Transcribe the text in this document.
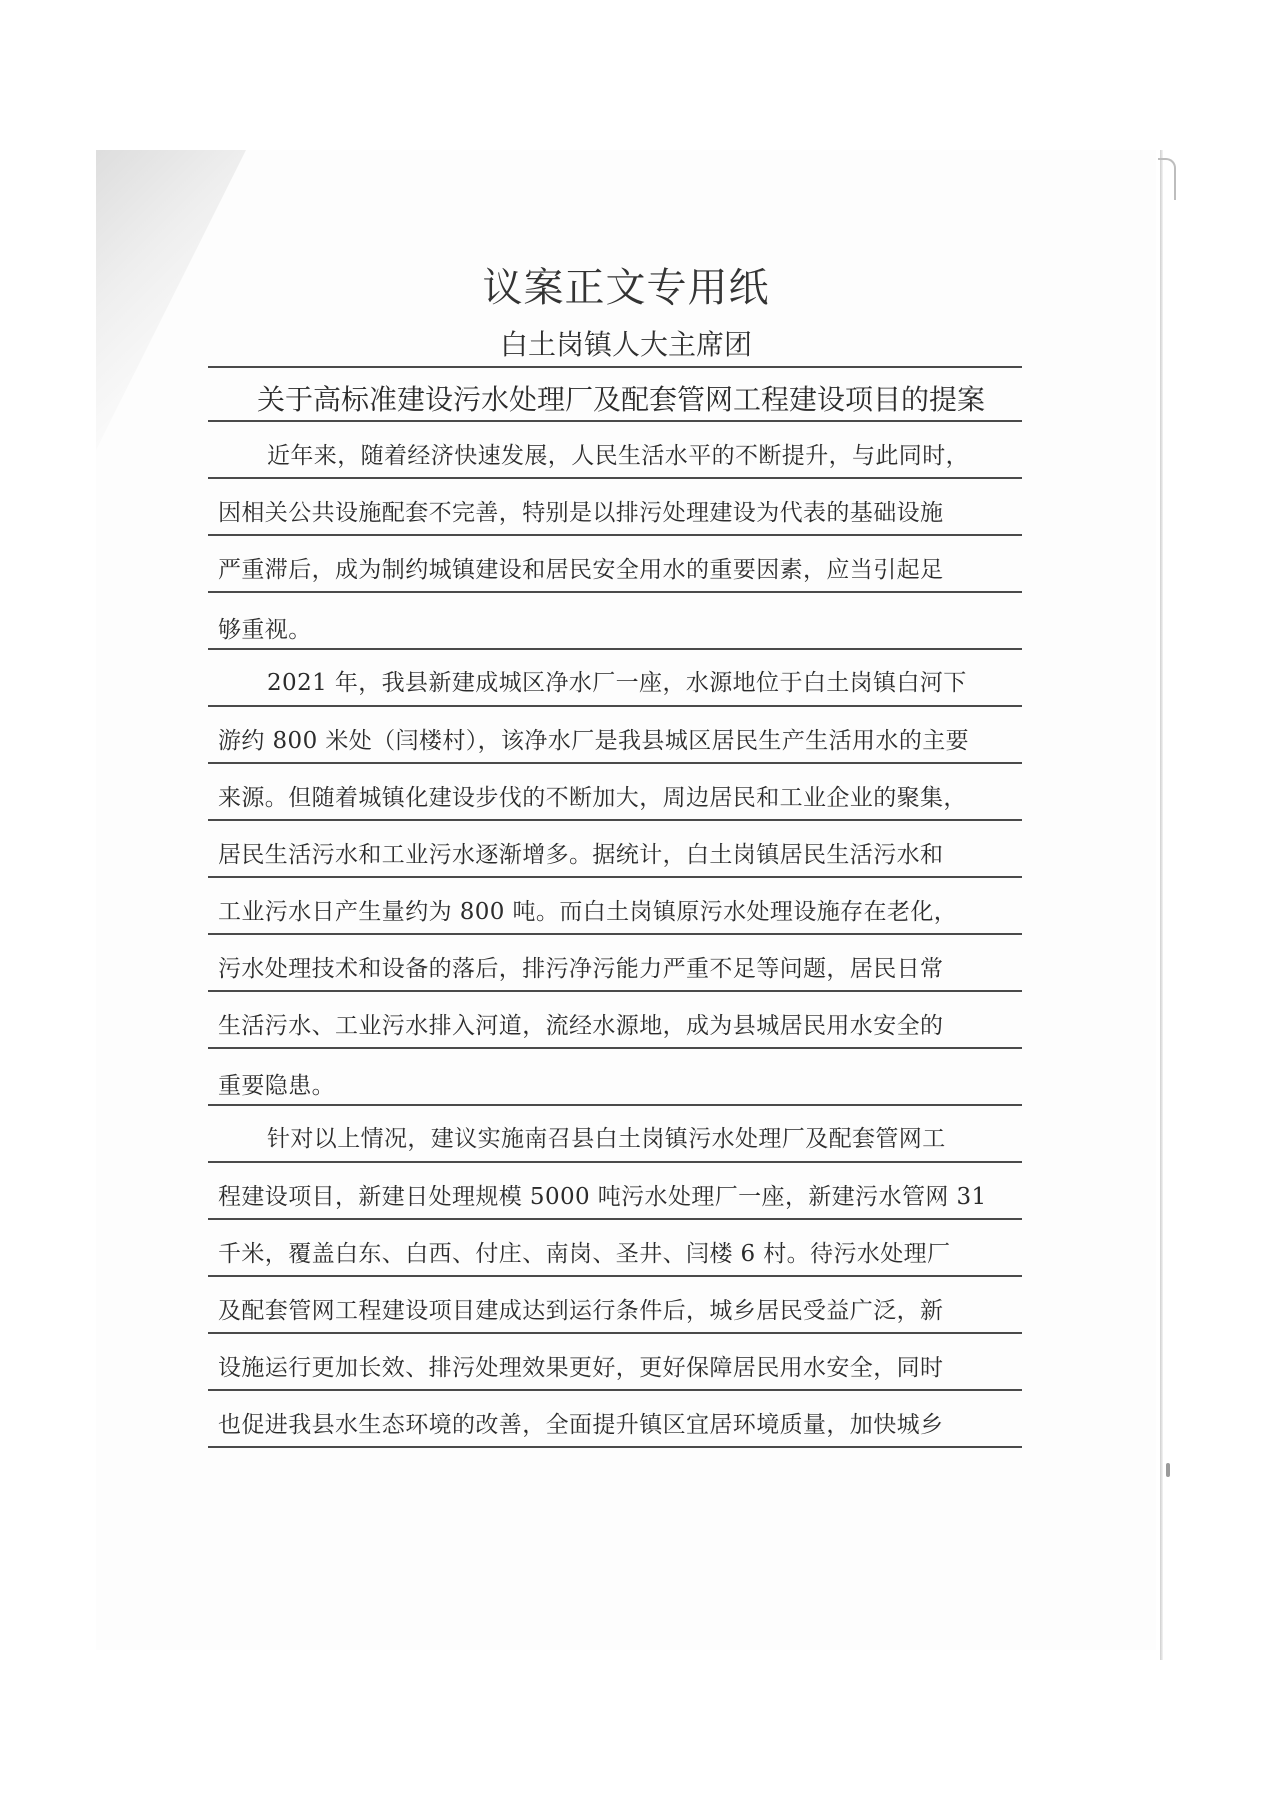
议案正文专用纸
白土岗镇人大主席团
关于高标准建设污水处理厂及配套管网工程建设项目的提案
近年来，随着经济快速发展，人民生活水平的不断提升，与此同时，
因相关公共设施配套不完善，特别是以排污处理建设为代表的基础设施
严重滞后，成为制约城镇建设和居民安全用水的重要因素，应当引起足
够重视。
2021 年，我县新建成城区净水厂一座，水源地位于白土岗镇白河下
游约 800 米处（闫楼村），该净水厂是我县城区居民生产生活用水的主要
来源。但随着城镇化建设步伐的不断加大，周边居民和工业企业的聚集，
居民生活污水和工业污水逐渐增多。据统计，白土岗镇居民生活污水和
工业污水日产生量约为 800 吨。而白土岗镇原污水处理设施存在老化，
污水处理技术和设备的落后，排污净污能力严重不足等问题，居民日常
生活污水、工业污水排入河道，流经水源地，成为县城居民用水安全的
重要隐患。
针对以上情况，建议实施南召县白土岗镇污水处理厂及配套管网工
程建设项目，新建日处理规模 5000 吨污水处理厂一座，新建污水管网 31
千米，覆盖白东、白西、付庄、南岗、圣井、闫楼 6 村。待污水处理厂
及配套管网工程建设项目建成达到运行条件后，城乡居民受益广泛，新
设施运行更加长效、排污处理效果更好，更好保障居民用水安全，同时
也促进我县水生态环境的改善，全面提升镇区宜居环境质量，加快城乡
